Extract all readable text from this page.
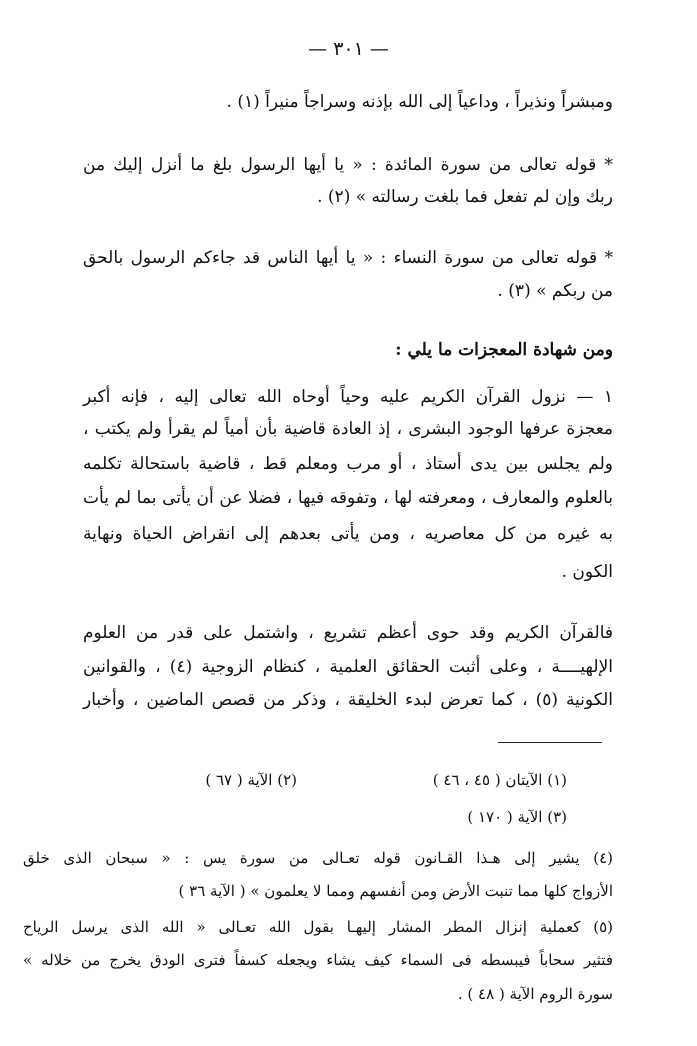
— ٣٠١ —
ومبشراً ونذيراً ، وداعياً إلى الله بإذنه وسراجاً منيراً (١) .
* قوله تعالى من سورة المائدة : « يا أيها الرسول بلغ ما أنزل إليك من
ربك وإن لم تفعل فما بلغت رسالته » (٢) .
* قوله تعالى من سورة النساء : « يا أيها الناس قد جاءكم الرسول بالحق
من ربكم » (٣) .
ومن شهادة المعجزات ما يلي :
١ — نزول القرآن الكريم عليه وحياً أوحاه الله تعالى إليه ، فإنه أكبر
معجزة عرفها الوجود البشرى ، إذ العادة قاضية بأن أمياً لم يقرأ ولم يكتب ،
ولم يجلس بين يدى أستاذ ، أو مرب ومعلم قط ، قاضية باستحالة تكلمه
بالعلوم والمعارف ، ومعرفته لها ، وتفوقه فيها ، فضلا عن أن يأتى بما لم يأت
به غيره من كل معاصريه ، ومن يأتى بعدهم إلى انقراض الحياة ونهاية
الكون .
فالقرآن الكريم وقد حوى أعظم تشريع ، واشتمل على قدر من العلوم
الإلهيــــة ، وعلى أثبت الحقائق العلمية ، كنظام الزوجية (٤) ، والقوانين
الكونية (٥) ، كما تعرض لبدء الخليقة ، وذكر من قصص الماضين ، وأخبار
(١) الآيتان ( ٤٥ ، ٤٦ )
(٢) الآية ( ٦٧ )
(٣) الآية ( ١٧٠ )
(٤) يشير إلى هـذا القـانون قوله تعـالى من سورة يس : « سبحان الذى خلق
الأزواج كلها مما تنبت الأرض ومن أنفسهم ومما لا يعلمون » ( الآية ٣٦ )
(٥) كعملية إنزال المطر المشار إليهـا بقول الله تعـالى « الله الذى يرسل الرياح
فتثير سحاباً فيبسطه فى السماء كيف يشاء ويجعله كسفاً فترى الودق يخرج من خلاله »
سورة الروم الآية ( ٤٨ ) .
